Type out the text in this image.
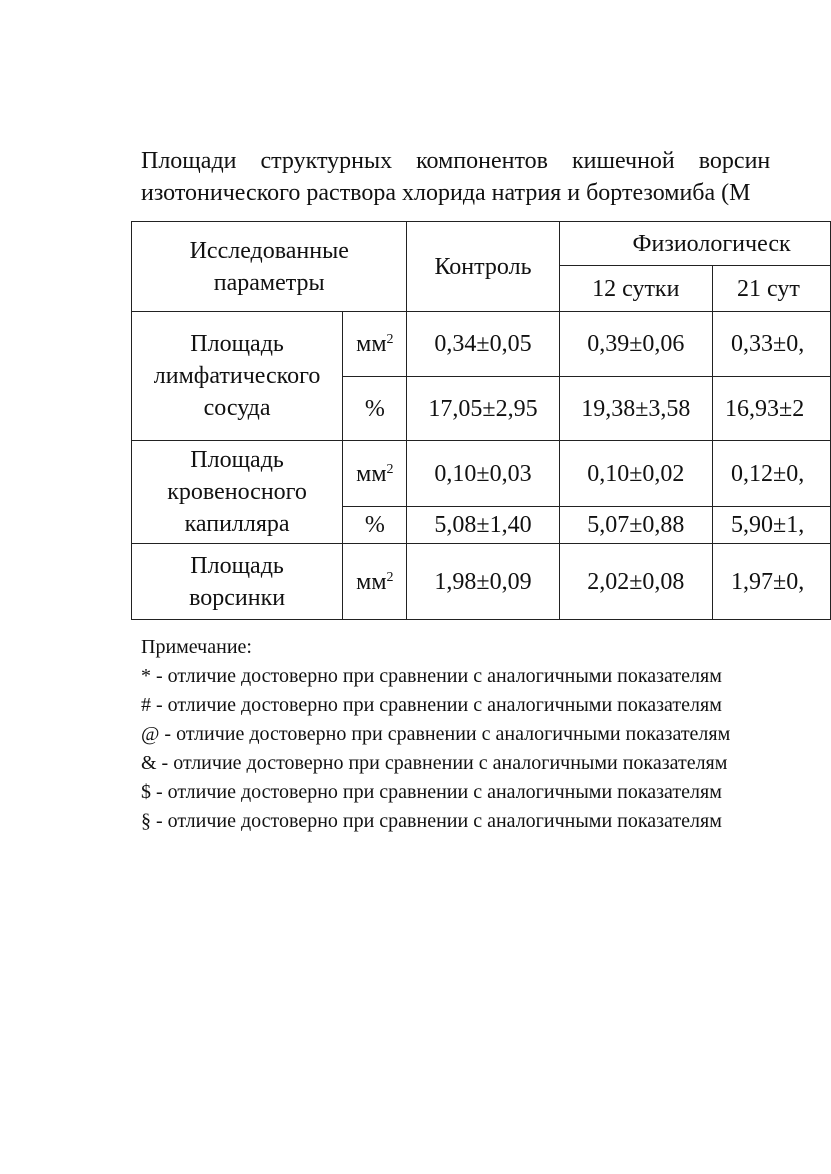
Площади структурных компонентов кишечной ворсин
изотонического раствора хлорида натрия и бортезомиба (M
Исследованные параметры		Контроль	Физиологическ	
			12 сутки	21 сут
Площадь лимфатического сосуда	$мм^2$	0,34±0,05	0,39±0,06	0,33±0,
	%	17,05±2,95	19,38±3,58	16,93±2
Площадь кровеносного капилляра	$мм^2$	0,10±0,03	0,10±0,02	0,12±0,
	%	5,08±1,40	5,07±0,88	5,90±1,
Площадь ворсинки	$мм^2$	1,98±0,09	2,02±0,08	1,97±0,
Примечание:
* - отличие достоверно при сравнении с аналогичными показателям
# - отличие достоверно при сравнении с аналогичными показателям
@ - отличие достоверно при сравнении с аналогичными показателям
& - отличие достоверно при сравнении с аналогичными показателям
$ - отличие достоверно при сравнении с аналогичными показателям
§ - отличие достоверно при сравнении с аналогичными показателям
